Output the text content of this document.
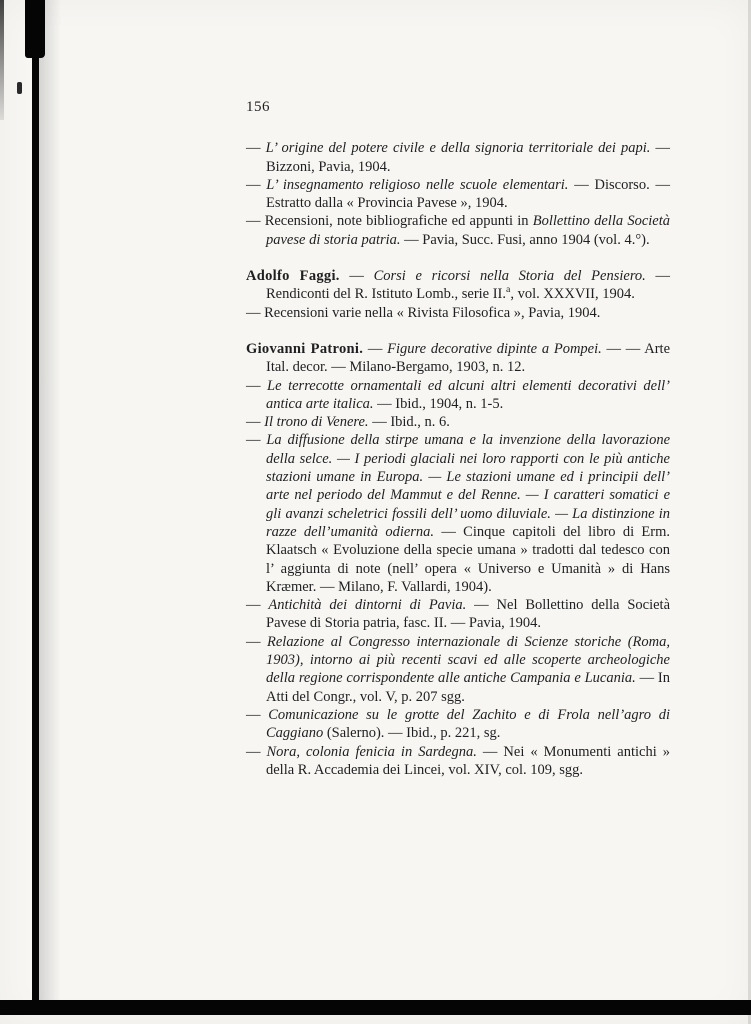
156
— L’ origine del potere civile e della signoria territoriale dei papi. — Bizzoni, Pavia, 1904.
— L’ insegnamento religioso nelle scuole elementari. — Discorso. — Estratto dalla « Provincia Pavese », 1904.
— Recensioni, note bibliografiche ed appunti in Bollettino della Società pavese di storia patria. — Pavia, Succ. Fusi, anno 1904 (vol. 4.°).
Adolfo Faggi. — Corsi e ricorsi nella Storia del Pensiero. — Rendiconti del R. Istituto Lomb., serie II.$^a$, vol. XXXVII, 1904.
— Recensioni varie nella « Rivista Filosofica », Pavia, 1904.
Giovanni Patroni. — Figure decorative dipinte a Pompei. — — Arte Ital. decor. — Milano-Bergamo, 1903, n. 12.
— Le terrecotte ornamentali ed alcuni altri elementi decorativi dell’ antica arte italica. — Ibid., 1904, n. 1-5.
— Il trono di Venere. — Ibid., n. 6.
— La diffusione della stirpe umana e la invenzione della lavorazione della selce. — I periodi glaciali nei loro rapporti con le più antiche stazioni umane in Europa. — Le stazioni umane ed i principii dell’ arte nel periodo del Mammut e del Renne. — I caratteri somatici e gli avanzi scheletrici fossili dell’ uomo diluviale. — La distinzione in razze dell’umanità odierna. — Cinque capitoli del libro di Erm. Klaatsch « Evoluzione della specie umana » tradotti dal tedesco con l’ aggiunta di note (nell’ opera « Universo e Umanità » di Hans Kræmer. — Milano, F. Vallardi, 1904).
— Antichità dei dintorni di Pavia. — Nel Bollettino della Società Pavese di Storia patria, fasc. II. — Pavia, 1904.
— Relazione al Congresso internazionale di Scienze storiche (Roma, 1903), intorno ai più recenti scavi ed alle scoperte archeologiche della regione corrispondente alle antiche Campania e Lucania. — In Atti del Congr., vol. V, p. 207 sgg.
— Comunicazione su le grotte del Zachito e di Frola nell’agro di Caggiano (Salerno). — Ibid., p. 221, sg.
— Nora, colonia fenicia in Sardegna. — Nei « Monumenti antichi » della R. Accademia dei Lincei, vol. XIV, col. 109, sgg.
